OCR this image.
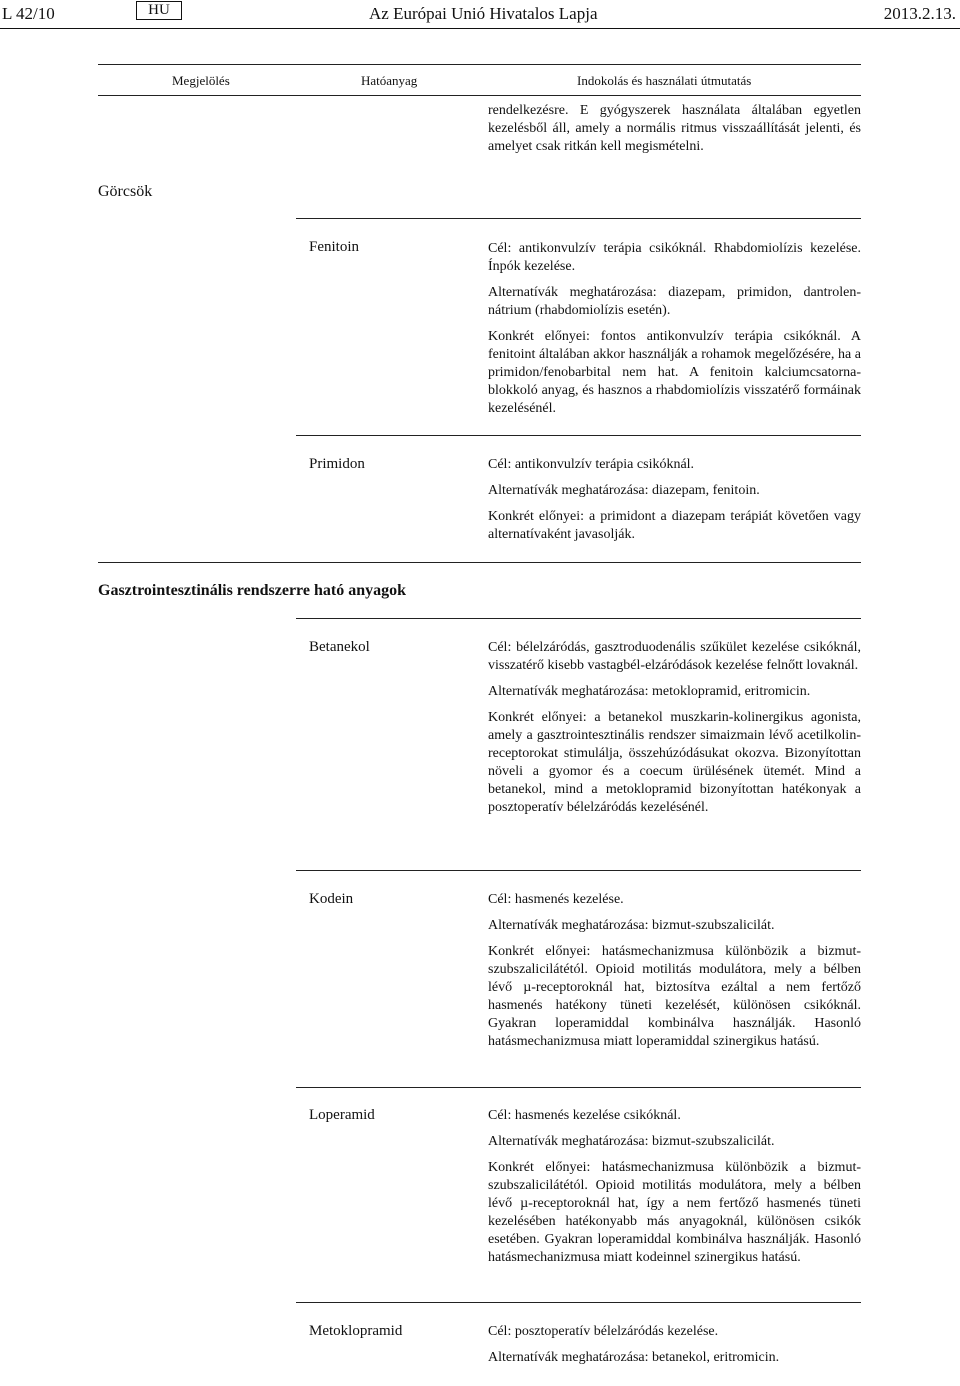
L 42/10	HU	Az Európai Unió Hivatalos Lapja	2013.2.13.
Megjelölés	Hatóanyag	Indokolás és használati útmutatás

rendelkezésre. E gyógyszerek használata általában egyetlen kezelésből áll, amely a normális ritmus visszaállítását jelenti, és amelyet csak ritkán kell megismételni.

Görcsök
Fenitoin	Cél: antikonvulzív terápia csikóknál. Rhabdomiolízis kezelése. Ínpók kezelése.

Alternatívák meghatározása: diazepam, primidon, dantrolen-nátrium (rhabdomiolízis esetén).

Konkrét előnyei: fontos antikonvulzív terápia csikóknál. A fenitoint általában akkor használják a rohamok megelőzésére, ha a primidon/fenobarbital nem hat. A fenitoin kalciumcsatorna-blokkoló anyag, és hasznos a rhabdomiolízis visszatérő formáinak kezelésénél.

Primidon	Cél: antikonvulzív terápia csikóknál.

Alternatívák meghatározása: diazepam, fenitoin.

Konkrét előnyei: a primidont a diazepam terápiát követően vagy alternatívaként javasolják.

Gasztrointesztinális rendszerre ható anyagok
Betanekol	Cél: bélelzáródás, gasztroduodenális szűkület kezelése csikóknál, visszatérő kisebb vastagbél-elzáródások kezelése felnőtt lovaknál.

Alternatívák meghatározása: metoklopramid, eritromicin.

Konkrét előnyei: a betanekol muszkarin-kolinergikus agonista, amely a gasztrointesztinális rendszer simaizmain lévő acetilkolin-receptorokat stimulálja, összehúzódásukat okozva. Bizonyítottan növeli a gyomor és a coecum ürülésének ütemét. Mind a betanekol, mind a metoklopramid bizonyítottan hatékonyak a posztoperatív bélelzáródás kezelésénél.

Kodein	Cél: hasmenés kezelése.

Alternatívák meghatározása: bizmut-szubszalicilát.

Konkrét előnyei: hatásmechanizmusa különbözik a bizmutszubszalicilátétól. Opioid motilitás modulátora, mely a bélben lévő µ-receptoroknál hat, biztosítva ezáltal a nem fertőző hasmenés hatékony tüneti kezelését, különösen csikóknál. Gyakran loperamiddal kombinálva használják. Hasonló hatásmechanizmusa miatt loperamiddal szinergikus hatású.

Loperamid	Cél: hasmenés kezelése csikóknál.

Alternatívák meghatározása: bizmut-szubszalicilát.

Konkrét előnyei: hatásmechanizmusa különbözik a bizmutszubszalicilátétól. Opioid motilitás modulátora, mely a bélben lévő µ-receptoroknál hat, így a nem fertőző hasmenés tüneti kezelésében hatékonyabb más anyagoknál, különösen csikók esetében. Gyakran loperamiddal kombinálva használják. Hasonló hatásmechanizmusa miatt kodeinnel szinergikus hatású.

Metoklopramid	Cél: posztoperatív bélelzáródás kezelése.

Alternatívák meghatározása: betanekol, eritromicin.
